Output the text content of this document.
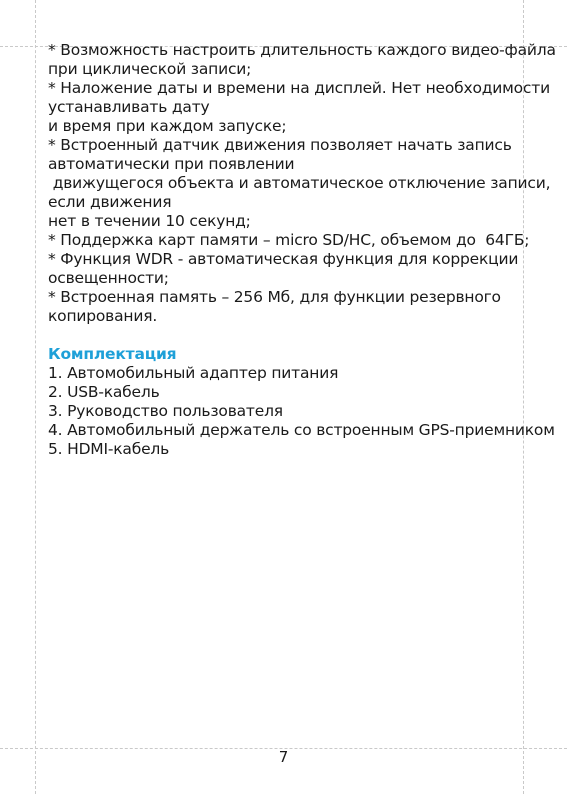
* Возможность настроить длительность каждого видео-файла

при циклической записи;

* Наложение даты и времени на дисплей. Нет необходимости

устанавливать дату

и время при каждом запуске;

* Встроенный датчик движения позволяет начать запись

автоматически при появлении

движущегося объекта и автоматическое отключение записи,

если движения

нет в течении 10 секунд;

* Поддержка карт памяти – micro SD/HC, объемом до  64ГБ;

* Функция WDR - автоматическая функция для коррекции

освещенности;

* Встроенная память – 256 Мб, для функции резервного

копирования.

Комплектация

1. Автомобильный адаптер питания

2. USB-кабель

3. Руководство пользователя

4. Автомобильный держатель со встроенным GPS-приемником

5. HDMI-кабель

7
